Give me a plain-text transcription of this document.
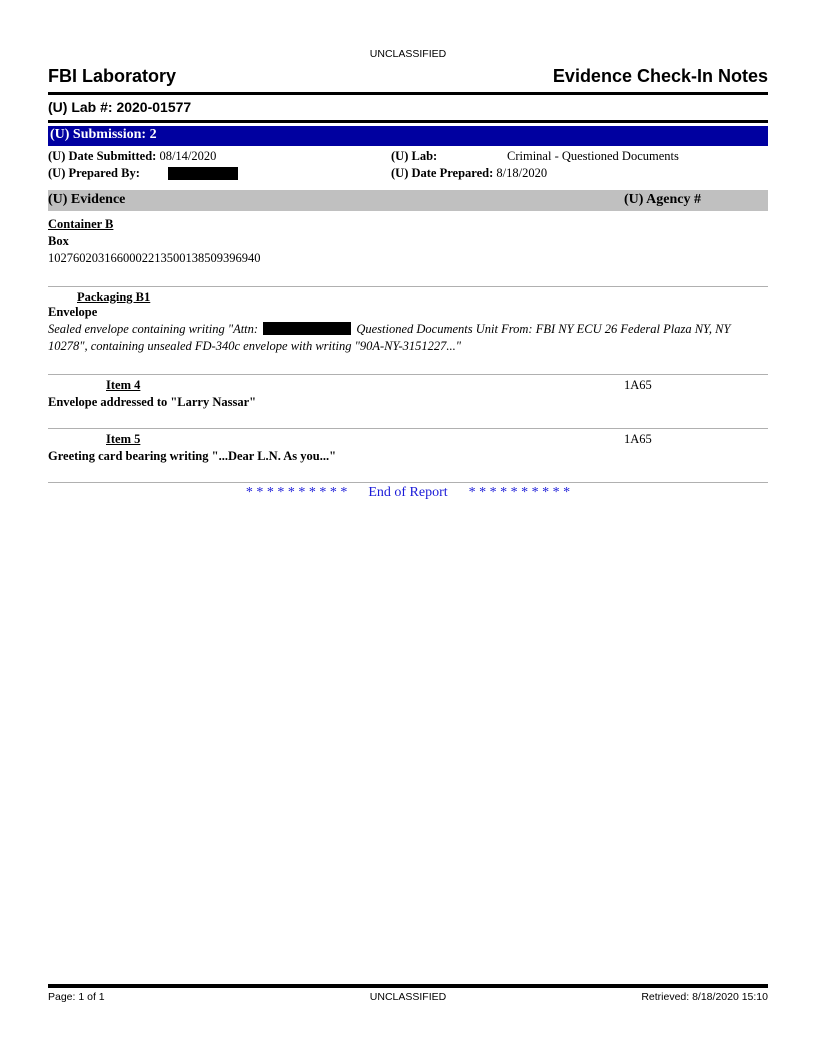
UNCLASSIFIED
FBI Laboratory	Evidence Check-In Notes
(U) Lab #: 2020-01577
(U) Submission: 2
(U) Date Submitted: 08/14/2020
(U) Prepared By:
(U) Lab:	Criminal - Questioned Documents
(U) Date Prepared: 8/18/2020
(U) Evidence	(U) Agency #
Container B
Box
10276020316600022135001385093969​40
Packaging B1
Envelope
Sealed envelope containing writing "Attn:	Questioned Documents Unit From: FBI NY ECU 26 Federal Plaza NY, NY
10278", containing unsealed FD-340c envelope with writing "90A-NY-3151227..."
Item 4	1A65
Envelope addressed to "Larry Nassar"
Item 5	1A65
Greeting card bearing writing "...Dear L.N. As you..."
* * * * * * * * * * End of Report * * * * * * * * * *
Page: 1 of 1	UNCLASSIFIED	Retrieved: 8/18/2020 15:10
